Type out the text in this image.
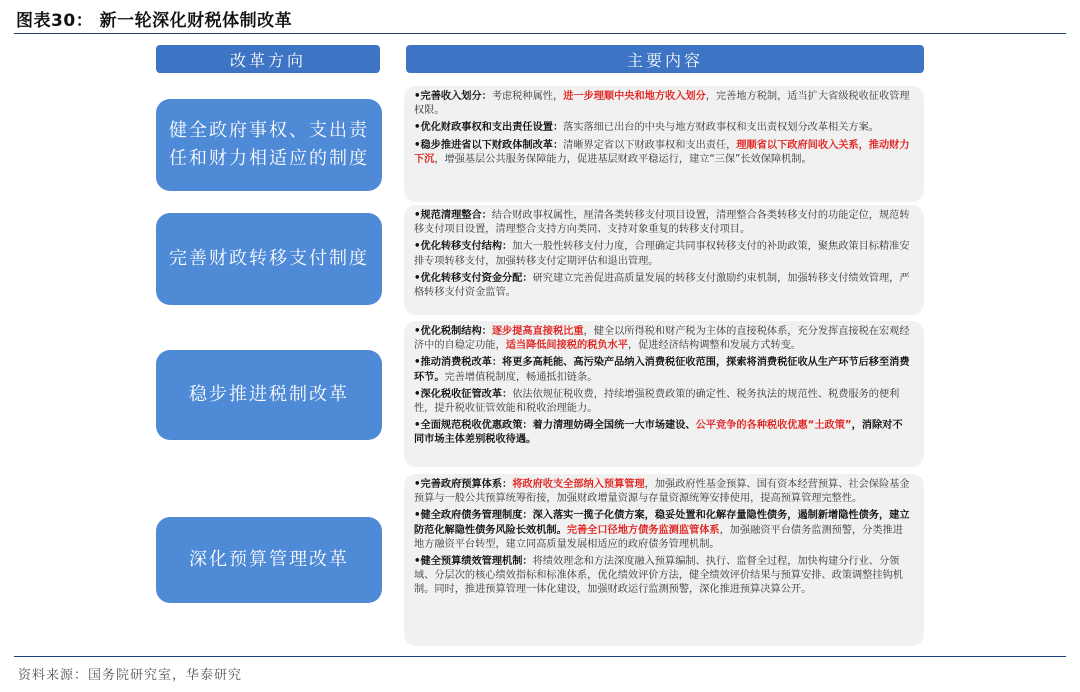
图表30： 新一轮深化财税体制改革
改革方向	主要内容
健全政府事权、支出责任和财力相适应的制度

•完善收入划分：考虑税种属性，进一步理顺中央和地方收入划分，完善地方税制，适当扩大省级税收征收管理权限。

•优化财政事权和支出责任设置：落实落细已出台的中央与地方财政事权和支出责权划分改革相关方案。

•稳步推进省以下财政体制改革：清晰界定省以下财政事权和支出责任，理顺省以下政府间收入关系，推动财力下沉，增强基层公共服务保障能力，促进基层财政平稳运行，建立“三保”长效保障机制。

完善财政转移支付制度

•规范清理整合：结合财政事权属性，厘清各类转移支付项目设置，清理整合各类转移支付的功能定位，规范转移支付项目设置，清理整合支持方向类同、支持对象重复的转移支付项目。

•优化转移支付结构：加大一般性转移支付力度，合理确定共同事权转移支付的补助政策，聚焦政策目标精准安排专项转移支付，加强转移支付定期评估和退出管理。

•优化转移支付资金分配：研究建立完善促进高质量发展的转移支付激励约束机制，加强转移支付绩效管理，严格转移支付资金监管。

稳步推进税制改革

•优化税制结构：逐步提高直接税比重，健全以所得税和财产税为主体的直接税体系，充分发挥直接税在宏观经济中的自稳定功能，适当降低间接税的税负水平，促进经济结构调整和发展方式转变。

•推动消费税改革：将更多高耗能、高污染产品纳入消费税征收范围，探索将消费税征收从生产环节后移至消费环节。完善增值税制度，畅通抵扣链条。

•深化税收征管改革：依法依规征税收费，持续增强税费政策的确定性、税务执法的规范性、税费服务的便利性，提升税收征管效能和税收治理能力。

•全面规范税收优惠政策：着力清理妨碍全国统一大市场建设、公平竞争的各种税收优惠“土政策”，消除对不同市场主体差别税收待遇。

深化预算管理改革

•完善政府预算体系：将政府收支全部纳入预算管理，加强政府性基金预算、国有资本经营预算、社会保险基金预算与一般公共预算统筹衔接，加强财政增量资源与存量资源统筹安排使用，提高预算管理完整性。

•健全政府债务管理制度：深入落实一揽子化债方案，稳妥处置和化解存量隐性债务，遏制新增隐性债务，建立防范化解隐性债务风险长效机制。完善全口径地方债务监测监管体系，加强融资平台债务监测预警，分类推进地方融资平台转型，建立同高质量发展相适应的政府债务管理机制。

•健全预算绩效管理机制：将绩效理念和方法深度融入预算编制、执行、监督全过程，加快构建分行业、分领域、分层次的核心绩效指标和标准体系，优化绩效评价方法，健全绩效评价结果与预算安排、政策调整挂钩机制。同时，推进预算管理一体化建设，加强财政运行监测预警，深化推进预算决算公开。

资料来源：国务院研究室，华泰研究
